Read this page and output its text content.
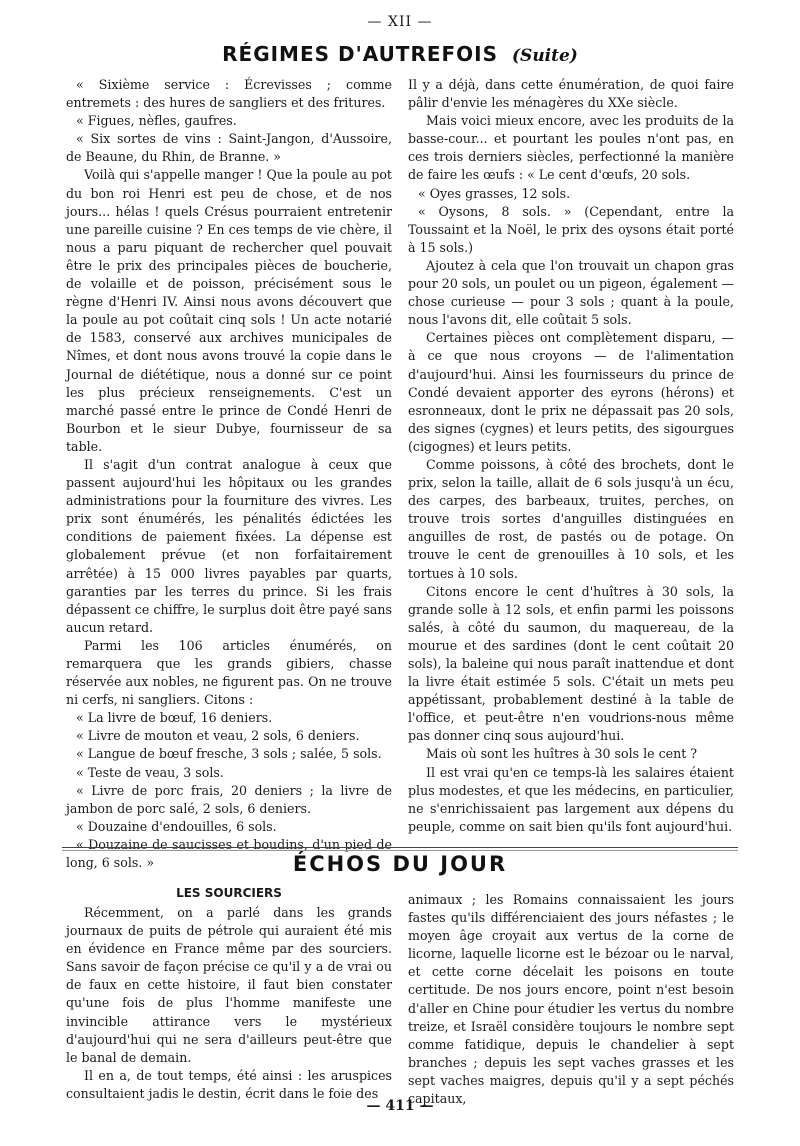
— XII —
RÉGIMES D'AUTREFOIS (Suite)

« Sixième service : Écrevisses ; comme entremets : des hures de sangliers et des fritures.

« Figues, nèfles, gaufres.

« Six sortes de vins : Saint-Jangon, d'Aussoire, de Beaune, du Rhin, de Branne. »

Voilà qui s'appelle manger ! Que la poule au pot du bon roi Henri est peu de chose, et de nos jours... hélas ! quels Crésus pourraient entretenir une pareille cuisine ? En ces temps de vie chère, il nous a paru piquant de rechercher quel pouvait être le prix des principales pièces de boucherie, de volaille et de poisson, précisément sous le règne d'Henri IV. Ainsi nous avons découvert que la poule au pot coûtait cinq sols ! Un acte notarié de 1583, conservé aux archives municipales de Nîmes, et dont nous avons trouvé la copie dans le Journal de diététique, nous a donné sur ce point les plus précieux renseignements. C'est un marché passé entre le prince de Condé Henri de Bourbon et le sieur Dubye, fournisseur de sa table.

Il s'agit d'un contrat analogue à ceux que passent aujourd'hui les hôpitaux ou les grandes administrations pour la fourniture des vivres. Les prix sont énumérés, les pénalités édictées les conditions de paiement fixées. La dépense est globalement prévue (et non forfaitairement arrêtée) à 15 000 livres payables par quarts, garanties par les terres du prince. Si les frais dépassent ce chiffre, le surplus doit être payé sans aucun retard.

Parmi les 106 articles énumérés, on remarquera que les grands gibiers, chasse réservée aux nobles, ne figurent pas. On ne trouve ni cerfs, ni sangliers. Citons :

« La livre de bœuf, 16 deniers.

« Livre de mouton et veau, 2 sols, 6 deniers.

« Langue de bœuf fresche, 3 sols ; salée, 5 sols.

« Teste de veau, 3 sols.

« Livre de porc frais, 20 deniers ; la livre de jambon de porc salé, 2 sols, 6 deniers.

« Douzaine d'endouilles, 6 sols.

« Douzaine de saucisses et boudins, d'un pied de long, 6 sols. »

Il y a déjà, dans cette énumération, de quoi faire pâlir d'envie les ménagères du XXe siècle.

Mais voici mieux encore, avec les produits de la basse-cour... et pourtant les poules n'ont pas, en ces trois derniers siècles, perfectionné la manière de faire les œufs : « Le cent d'œufs, 20 sols.

« Oyes grasses, 12 sols.

« Oysons, 8 sols. » (Cependant, entre la Toussaint et la Noël, le prix des oysons était porté à 15 sols.)

Ajoutez à cela que l'on trouvait un chapon gras pour 20 sols, un poulet ou un pigeon, également — chose curieuse — pour 3 sols ; quant à la poule, nous l'avons dit, elle coûtait 5 sols.

Certaines pièces ont complètement disparu, — à ce que nous croyons — de l'alimentation d'aujourd'hui. Ainsi les fournisseurs du prince de Condé devaient apporter des eyrons (hérons) et esronneaux, dont le prix ne dépassait pas 20 sols, des signes (cygnes) et leurs petits, des sigourgues (cigognes) et leurs petits.

Comme poissons, à côté des brochets, dont le prix, selon la taille, allait de 6 sols jusqu'à un écu, des carpes, des barbeaux, truites, perches, on trouve trois sortes d'anguilles distinguées en anguilles de rost, de pastés ou de potage. On trouve le cent de grenouilles à 10 sols, et les tortues à 10 sols.

Citons encore le cent d'huîtres à 30 sols, la grande solle à 12 sols, et enfin parmi les poissons salés, à côté du saumon, du maquereau, de la mourue et des sardines (dont le cent coûtait 20 sols), la baleine qui nous paraît inattendue et dont la livre était estimée 5 sols. C'était un mets peu appétissant, probablement destiné à la table de l'office, et peut-être n'en voudrions-nous même pas donner cinq sous aujourd'hui.

Mais où sont les huîtres à 30 sols le cent ?

Il est vrai qu'en ce temps-là les salaires étaient plus modestes, et que les médecins, en particulier, ne s'enrichissaient pas largement aux dépens du peuple, comme on sait bien qu'ils font aujourd'hui.

ÉCHOS DU JOUR
LES SOURCIERS

Récemment, on a parlé dans les grands journaux de puits de pétrole qui auraient été mis en évidence en France même par des sourciers. Sans savoir de façon précise ce qu'il y a de vrai ou de faux en cette histoire, il faut bien constater qu'une fois de plus l'homme manifeste une invincible attirance vers le mystérieux d'aujourd'hui qui ne sera d'ailleurs peut-être que le banal de demain.

Il en a, de tout temps, été ainsi : les aruspices consultaient jadis le destin, écrit dans le foie des

animaux ; les Romains connaissaient les jours fastes qu'ils différenciaient des jours néfastes ; le moyen âge croyait aux vertus de la corne de licorne, laquelle licorne est le bézoar ou le narval, et cette corne décelait les poisons en toute certitude. De nos jours encore, point n'est besoin d'aller en Chine pour étudier les vertus du nombre treize, et Israël considère toujours le nombre sept comme fatidique, depuis le chandelier à sept branches ; depuis les sept vaches grasses et les sept vaches maigres, depuis qu'il y a sept péchés capitaux,

— 411 —
